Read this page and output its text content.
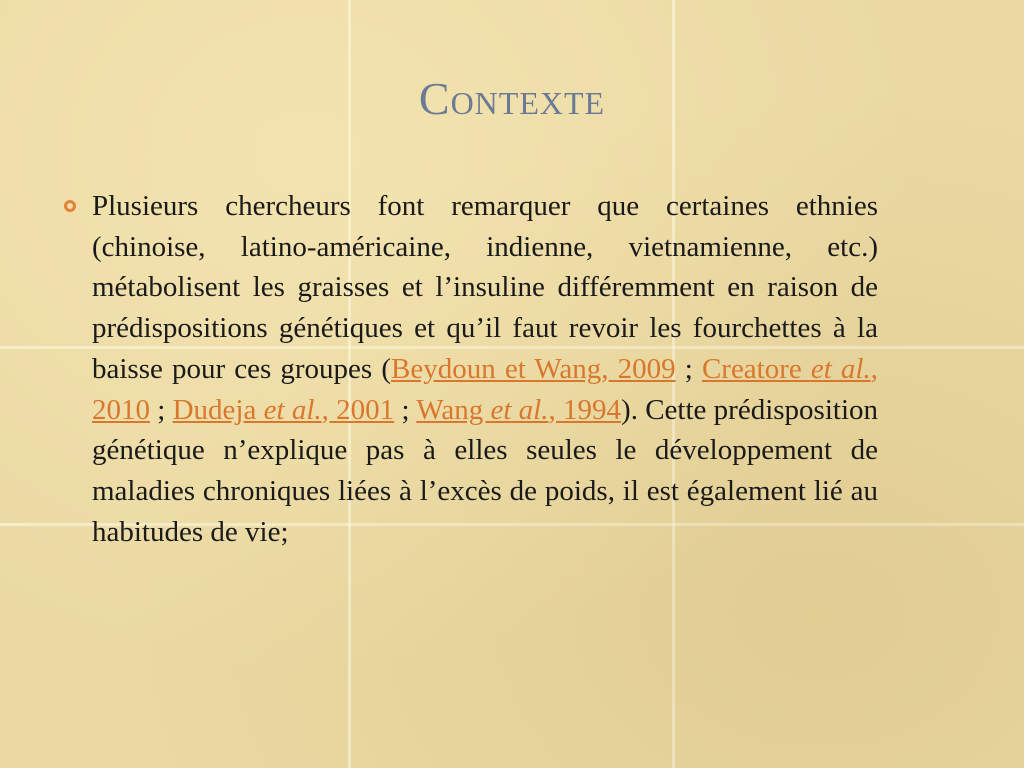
Contexte

Plusieurs chercheurs font remarquer que certaines ethnies (chinoise, latino-américaine, indienne, vietnamienne, etc.) métabolisent les graisses et l’insuline différemment en raison de prédispositions génétiques et qu’il faut revoir les fourchettes à la baisse pour ces groupes (Beydoun et Wang, 2009 ; Creatore et al., 2010 ; Dudeja et al., 2001 ; Wang et al., 1994). Cette prédisposition génétique n’explique pas à elles seules le développement de maladies chroniques liées à l’excès de poids, il est également lié au habitudes de vie;
